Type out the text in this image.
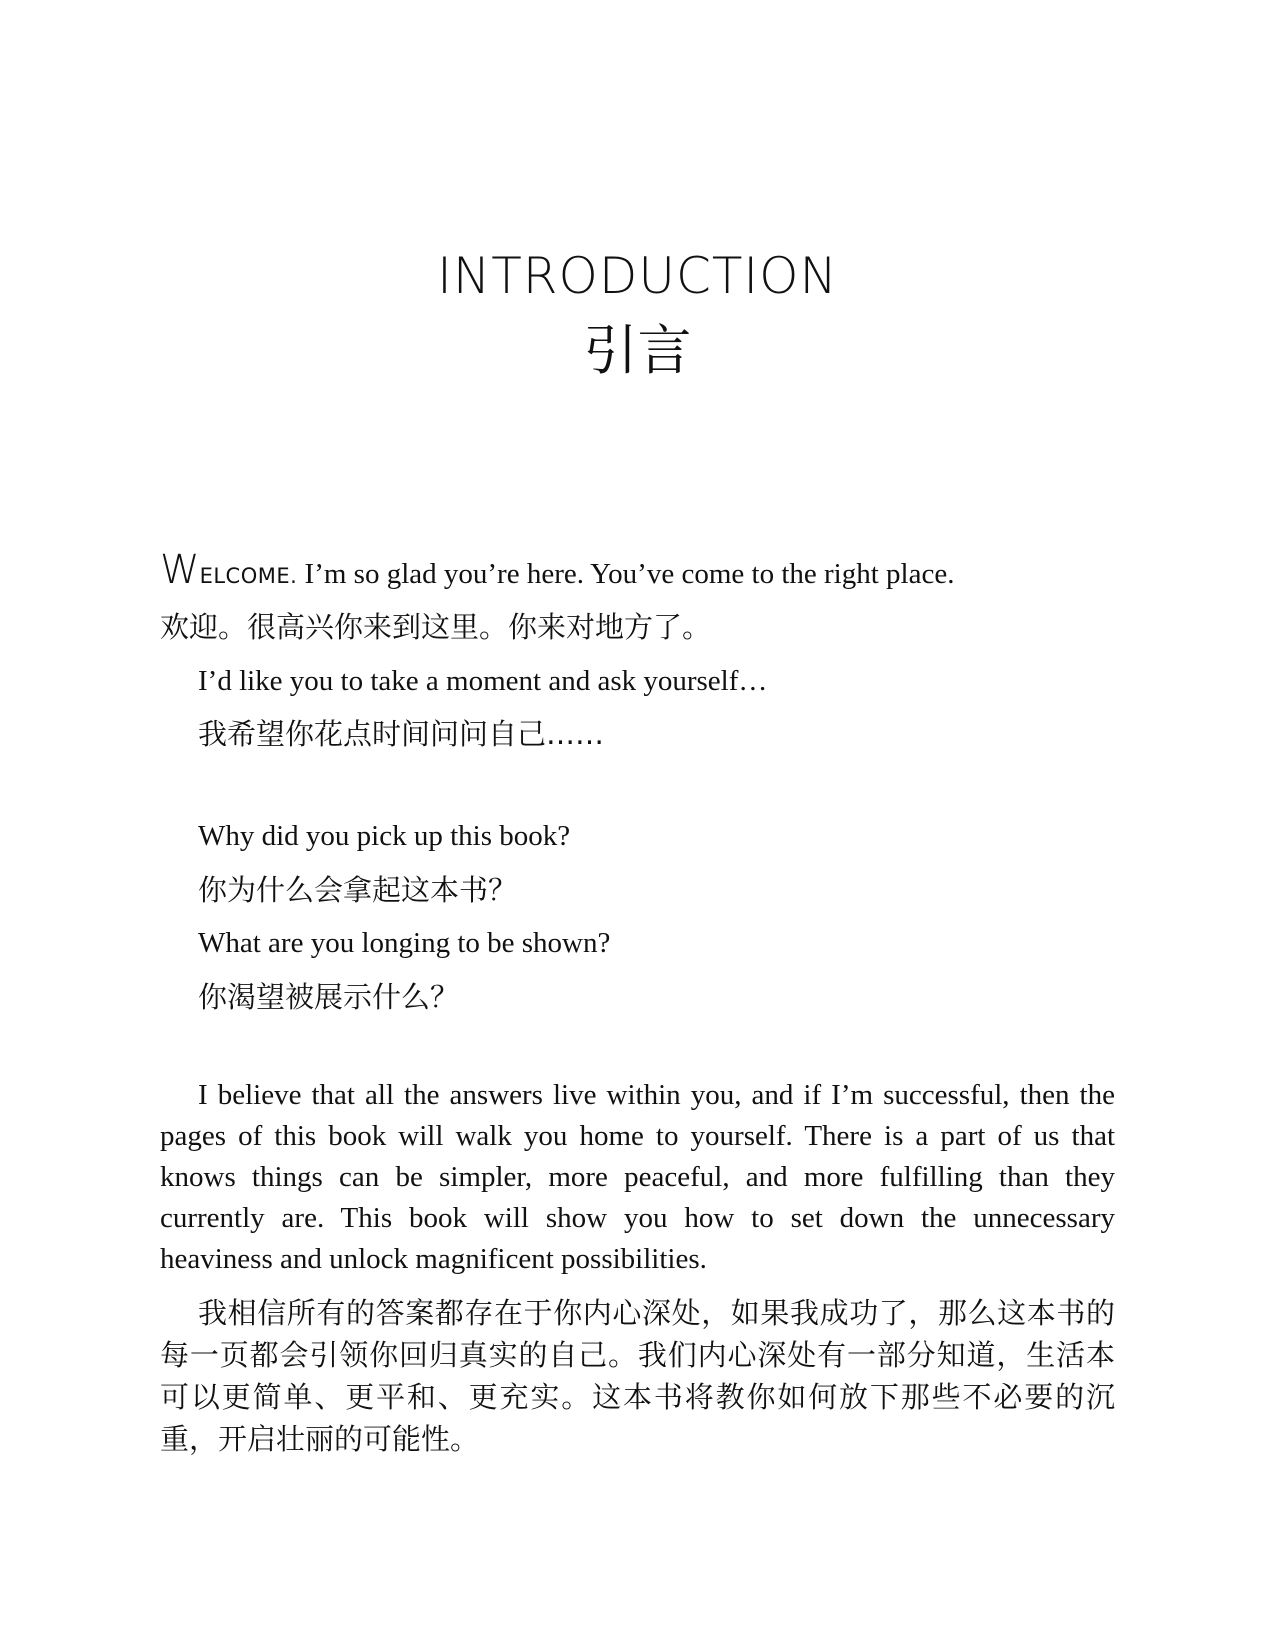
INTRODUCTION
引言
WELCOME. I’m so glad you’re here. You’ve come to the right place.
欢迎。很高兴你来到这里。你来对地方了。
I’d like you to take a moment and ask yourself…
我希望你花点时间问问自己……
Why did you pick up this book?
你为什么会拿起这本书？
What are you longing to be shown?
你渴望被展示什么？
I believe that all the answers live within you, and if I’m successful, then the pages of this book will walk you home to yourself. There is a part of us that knows things can be simpler, more peaceful, and more fulfilling than they currently are. This book will show you how to set down the unnecessary heaviness and unlock magnificent possibilities.
我相信所有的答案都存在于你内心深处，如果我成功了，那么这本书的每一页都会引领你回归真实的自己。我们内心深处有一部分知道，生活本可以更简单、更平和、更充实。这本书将教你如何放下那些不必要的沉重，开启壮丽的可能性。
